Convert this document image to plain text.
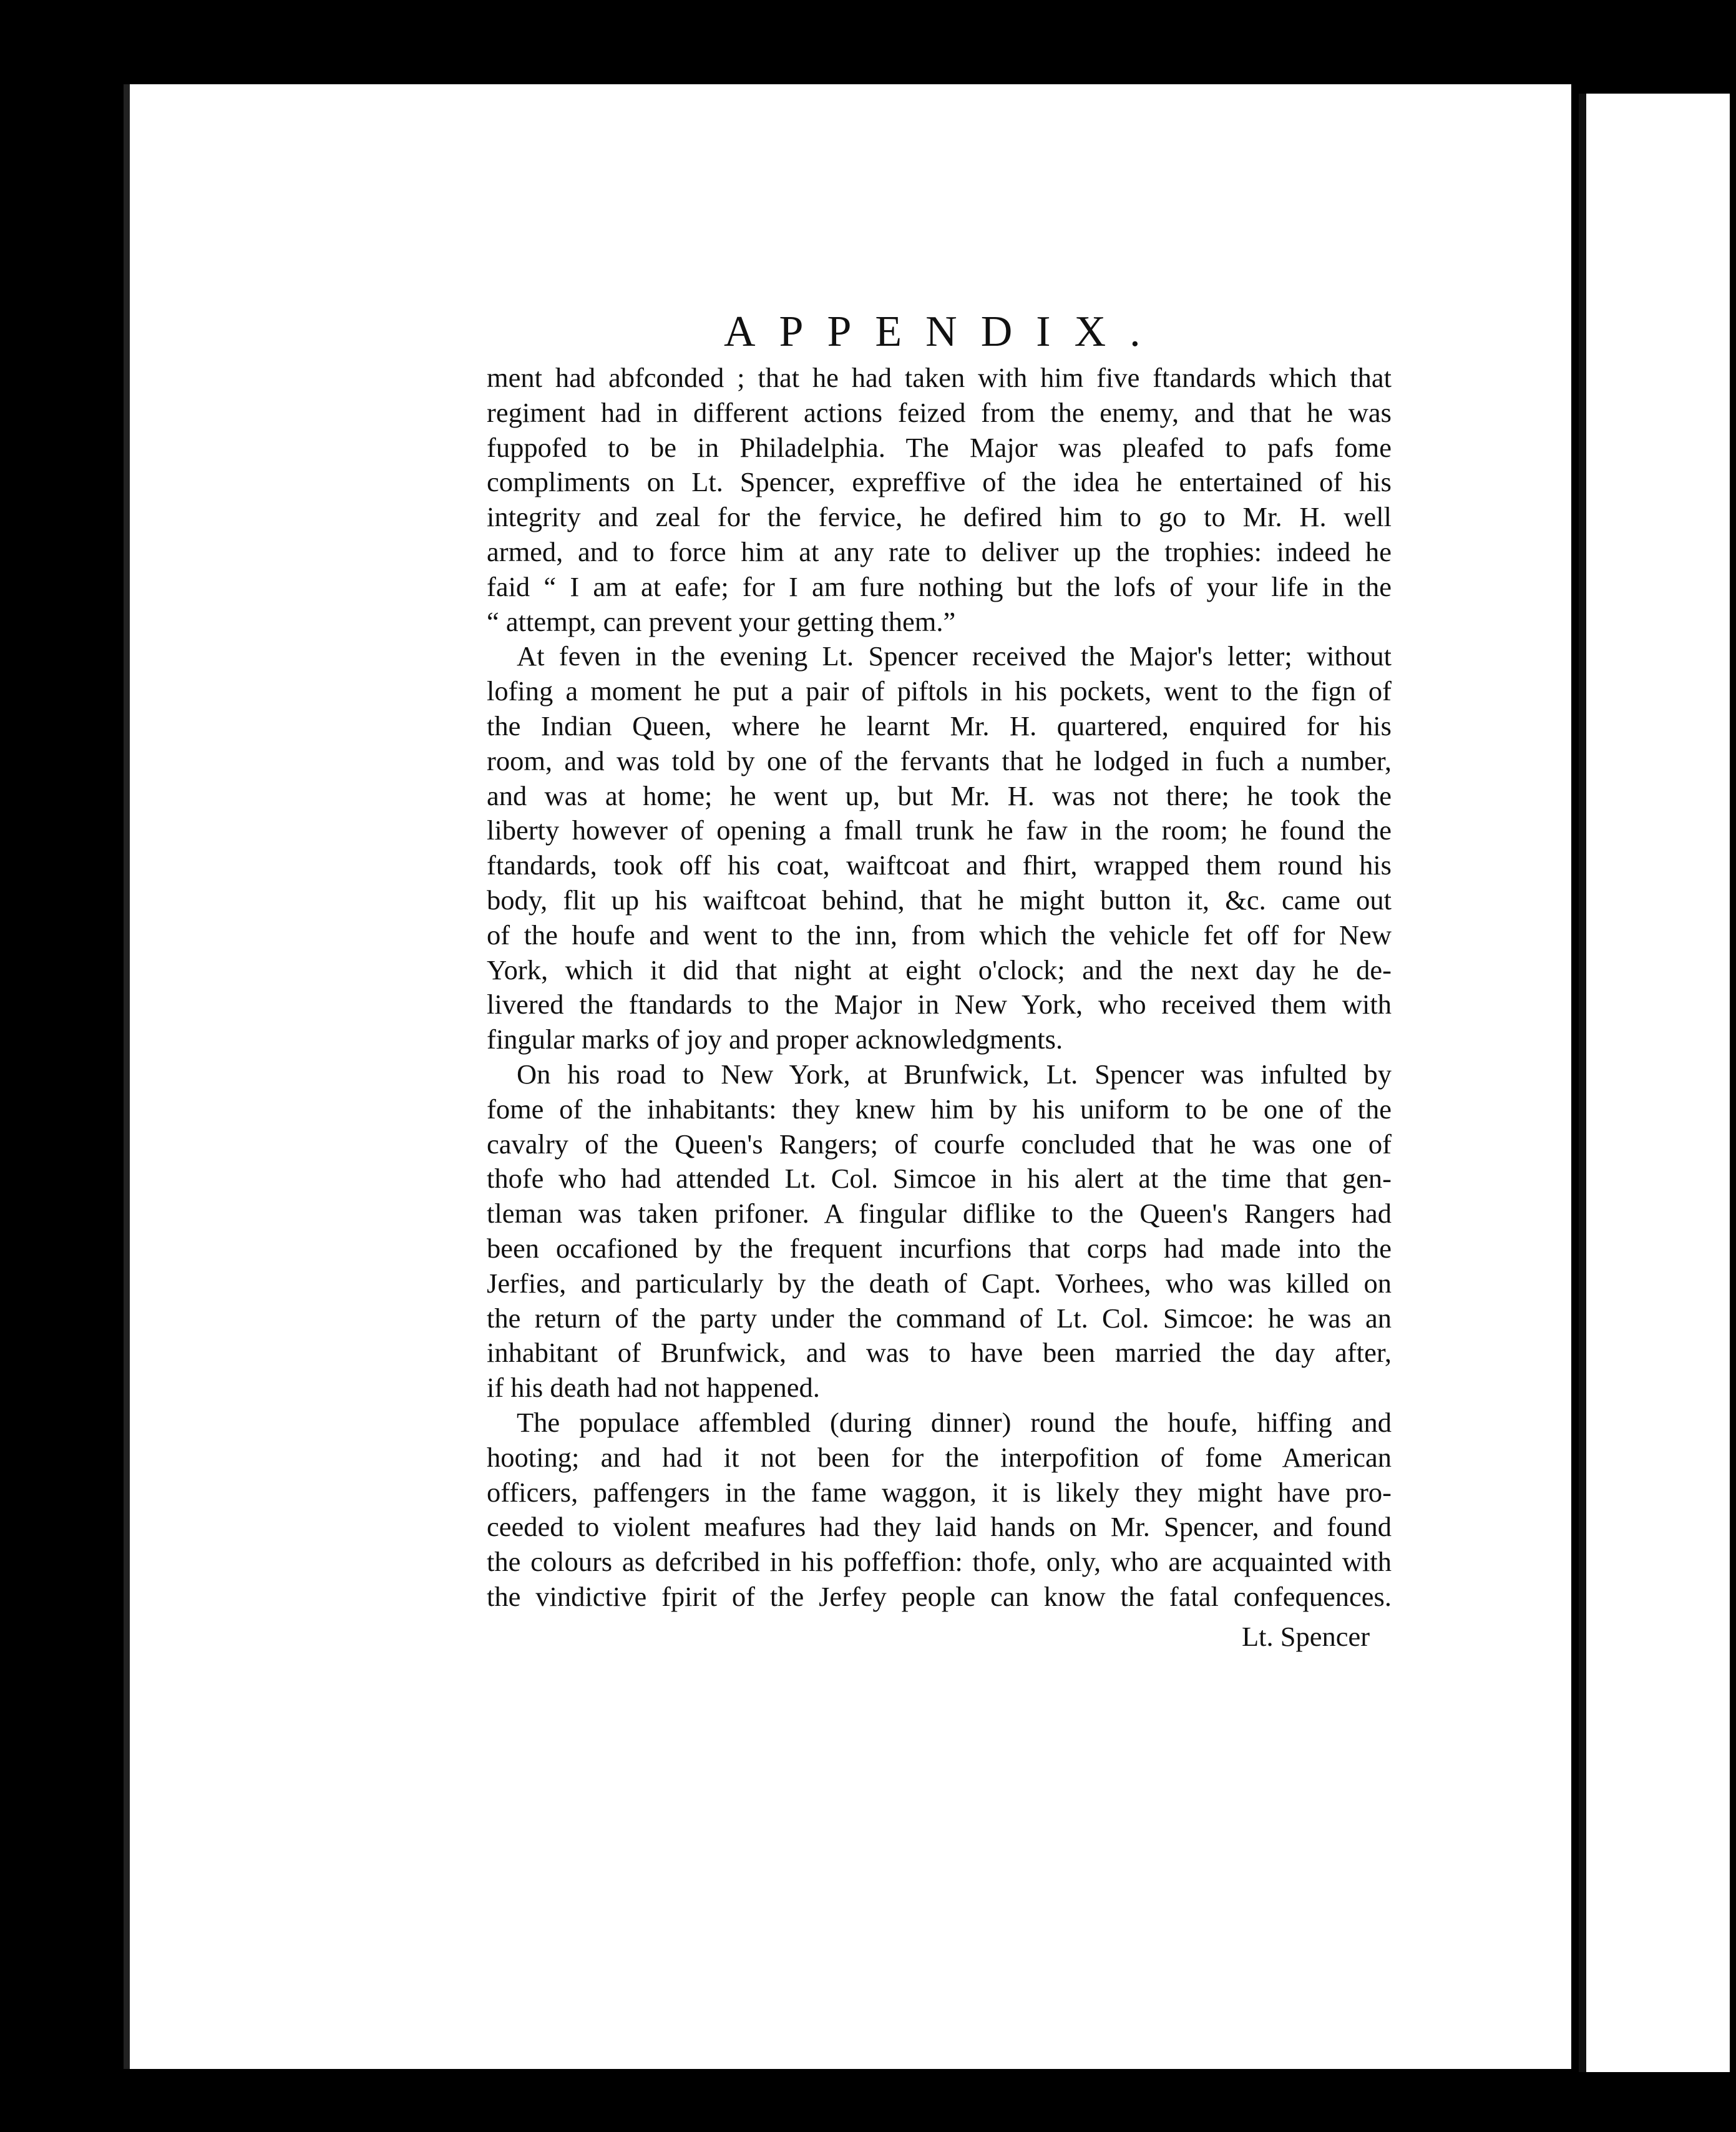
APPENDIX.
ment had abfconded ; that he had taken with him five ftandards which that
regiment had in different actions feized from the enemy, and that he was
fuppofed to be in Philadelphia. The Major was pleafed to pafs fome
compliments on Lt. Spencer, expreffive of the idea he entertained of his
integrity and zeal for the fervice, he defired him to go to Mr. H. well
armed, and to force him at any rate to deliver up the trophies: indeed he
faid “ I am at eafe; for I am fure nothing but the lofs of your life in the
“ attempt, can prevent your getting them.”
At feven in the evening Lt. Spencer received the Major's letter; without
lofing a moment he put a pair of piftols in his pockets, went to the fign of
the Indian Queen, where he learnt Mr. H. quartered, enquired for his
room, and was told by one of the fervants that he lodged in fuch a number,
and was at home; he went up, but Mr. H. was not there; he took the
liberty however of opening a fmall trunk he faw in the room; he found the
ftandards, took off his coat, waiftcoat and fhirt, wrapped them round his
body, flit up his waiftcoat behind, that he might button it, &c. came out
of the houfe and went to the inn, from which the vehicle fet off for New
York, which it did that night at eight o'clock; and the next day he de-
livered the ftandards to the Major in New York, who received them with
fingular marks of joy and proper acknowledgments.
On his road to New York, at Brunfwick, Lt. Spencer was infulted by
fome of the inhabitants: they knew him by his uniform to be one of the
cavalry of the Queen's Rangers; of courfe concluded that he was one of
thofe who had attended Lt. Col. Simcoe in his alert at the time that gen-
tleman was taken prifoner. A fingular diflike to the Queen's Rangers had
been occafioned by the frequent incurfions that corps had made into the
Jerfies, and particularly by the death of Capt. Vorhees, who was killed on
the return of the party under the command of Lt. Col. Simcoe: he was an
inhabitant of Brunfwick, and was to have been married the day after,
if his death had not happened.
The populace affembled (during dinner) round the houfe, hiffing and
hooting; and had it not been for the interpofition of fome American
officers, paffengers in the fame waggon, it is likely they might have pro-
ceeded to violent meafures had they laid hands on Mr. Spencer, and found
the colours as defcribed in his poffeffion: thofe, only, who are acquainted with
the vindictive fpirit of the Jerfey people can know the fatal confequences.
Lt. Spencer
